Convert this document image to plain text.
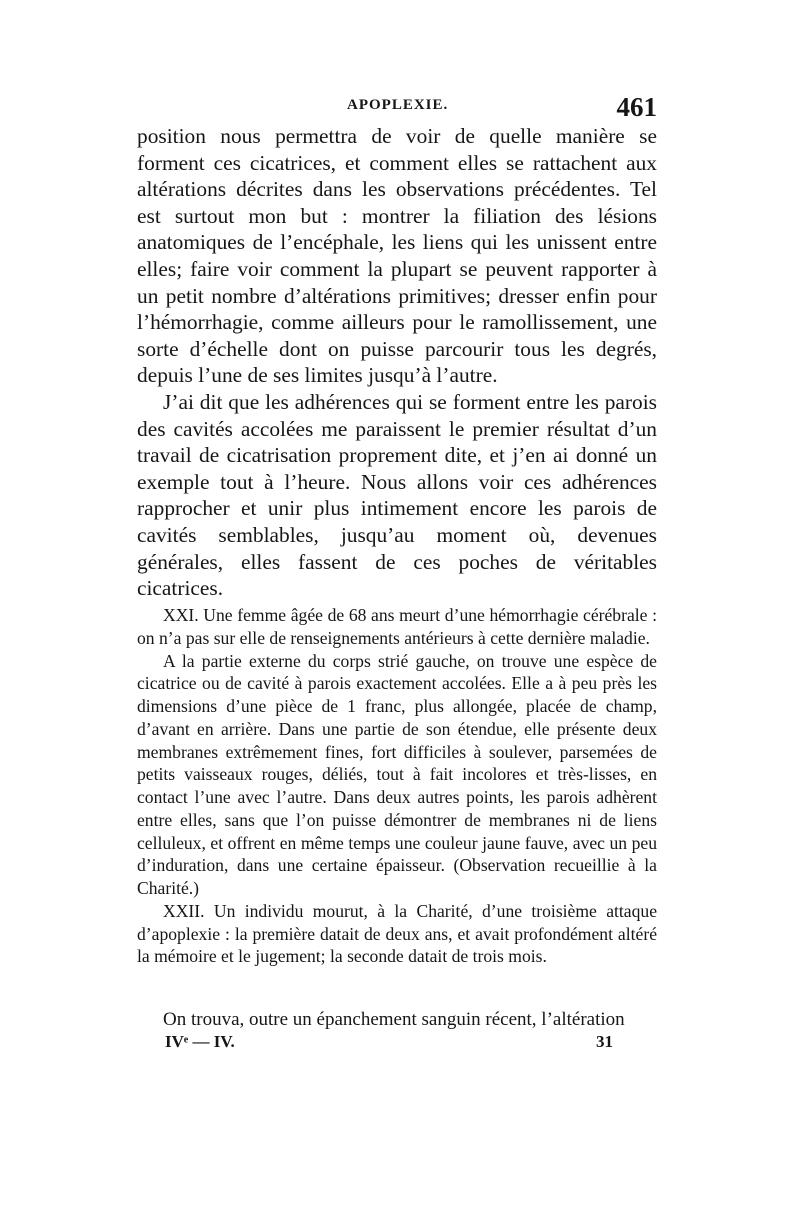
APOPLEXIE.	461

position nous permettra de voir de quelle manière se forment ces cicatrices, et comment elles se rattachent aux altérations décrites dans les observations précédentes. Tel est surtout mon but : montrer la filiation des lésions anatomiques de l’encéphale, les liens qui les unissent entre elles; faire voir comment la plupart se peuvent rapporter à un petit nombre d’altérations primitives; dresser enfin pour l’hémorrhagie, comme ailleurs pour le ramollissement, une sorte d’échelle dont on puisse parcourir tous les degrés, depuis l’une de ses limites jusqu’à l’autre.

J’ai dit que les adhérences qui se forment entre les parois des cavités accolées me paraissent le premier résultat d’un travail de cicatrisation proprement dite, et j’en ai donné un exemple tout à l’heure. Nous allons voir ces adhérences rapprocher et unir plus intimement encore les parois de cavités semblables, jusqu’au moment où, devenues générales, elles fassent de ces poches de véritables cicatrices.

XXI. Une femme âgée de 68 ans meurt d’une hémorrhagie cérébrale : on n’a pas sur elle de renseignements antérieurs à cette dernière maladie.

A la partie externe du corps strié gauche, on trouve une espèce de cicatrice ou de cavité à parois exactement accolées. Elle a à peu près les dimensions d’une pièce de 1 franc, plus allongée, placée de champ, d’avant en arrière. Dans une partie de son étendue, elle présente deux membranes extrêmement fines, fort difficiles à soulever, parsemées de petits vaisseaux rouges, déliés, tout à fait incolores et très-lisses, en contact l’une avec l’autre. Dans deux autres points, les parois adhèrent entre elles, sans que l’on puisse démontrer de membranes ni de liens celluleux, et offrent en même temps une couleur jaune fauve, avec un peu d’induration, dans une certaine épaisseur. (Observation recueillie à la Charité.)

XXII. Un individu mourut, à la Charité, d’une troisième attaque d’apoplexie : la première datait de deux ans, et avait profondément altéré la mémoire et le jugement; la seconde datait de trois mois.

On trouva, outre un épanchement sanguin récent, l’altération
IVᵉ — IV.	31
